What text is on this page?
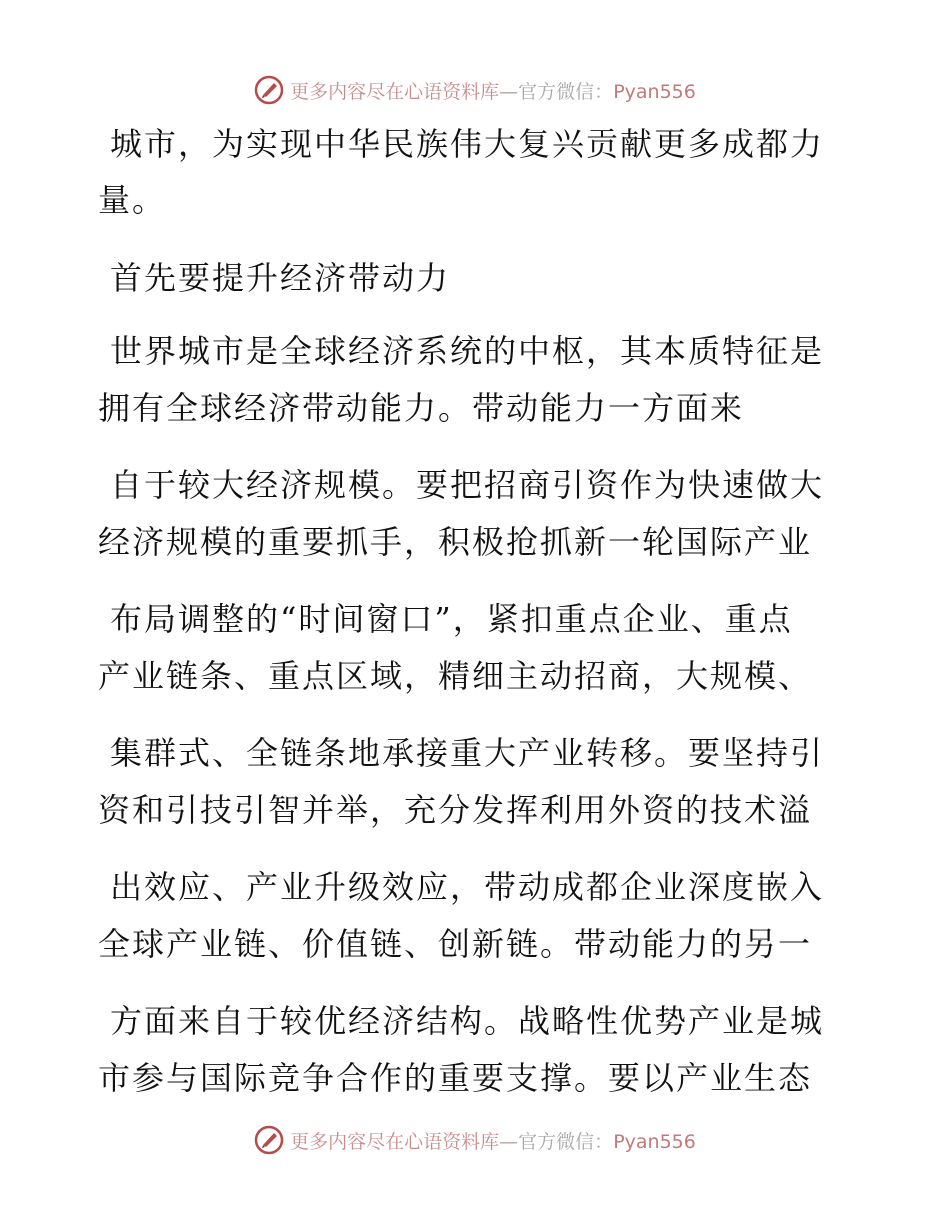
更多内容尽在心语资料库—官方微信：Pyan556
城市，为实现中华民族伟大复兴贡献更多成都力
量。
首先要提升经济带动力
世界城市是全球经济系统的中枢，其本质特征是
拥有全球经济带动能力。带动能力一方面来
自于较大经济规模。要把招商引资作为快速做大
经济规模的重要抓手，积极抢抓新一轮国际产业
布局调整的“时间窗口”，紧扣重点企业、重点
产业链条、重点区域，精细主动招商，大规模、
集群式、全链条地承接重大产业转移。要坚持引
资和引技引智并举，充分发挥利用外资的技术溢
出效应、产业升级效应，带动成都企业深度嵌入
全球产业链、价值链、创新链。带动能力的另一
方面来自于较优经济结构。战略性优势产业是城
市参与国际竞争合作的重要支撑。要以产业生态
更多内容尽在心语资料库—官方微信：Pyan556
